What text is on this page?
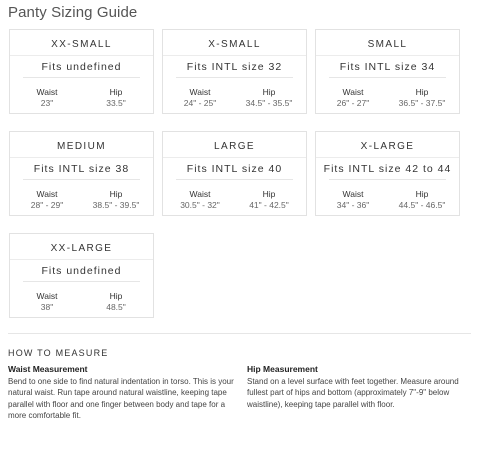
Panty Sizing Guide
XX-SMALL
Fits undefined
Waist
23"
Hip
33.5"
X-SMALL
Fits INTL size 32
Waist
24" - 25"
Hip
34.5" - 35.5"
SMALL
Fits INTL size 34
Waist
26" - 27"
Hip
36.5" - 37.5"
MEDIUM
Fits INTL size 38
Waist
28" - 29"
Hip
38.5" - 39.5"
LARGE
Fits INTL size 40
Waist
30.5" - 32"
Hip
41" - 42.5"
X-LARGE
Fits INTL size 42 to 44
Waist
34" - 36"
Hip
44.5" - 46.5"
XX-LARGE
Fits undefined
Waist
38"
Hip
48.5"
HOW TO MEASURE
Waist Measurement
Bend to one side to find natural indentation in torso. This is your natural waist. Run tape around natural waistline, keeping tape parallel with floor and one finger between body and tape for a more comfortable fit.
Hip Measurement
Stand on a level surface with feet together. Measure around fullest part of hips and bottom (approximately 7"-9" below waistline), keeping tape parallel with floor.
